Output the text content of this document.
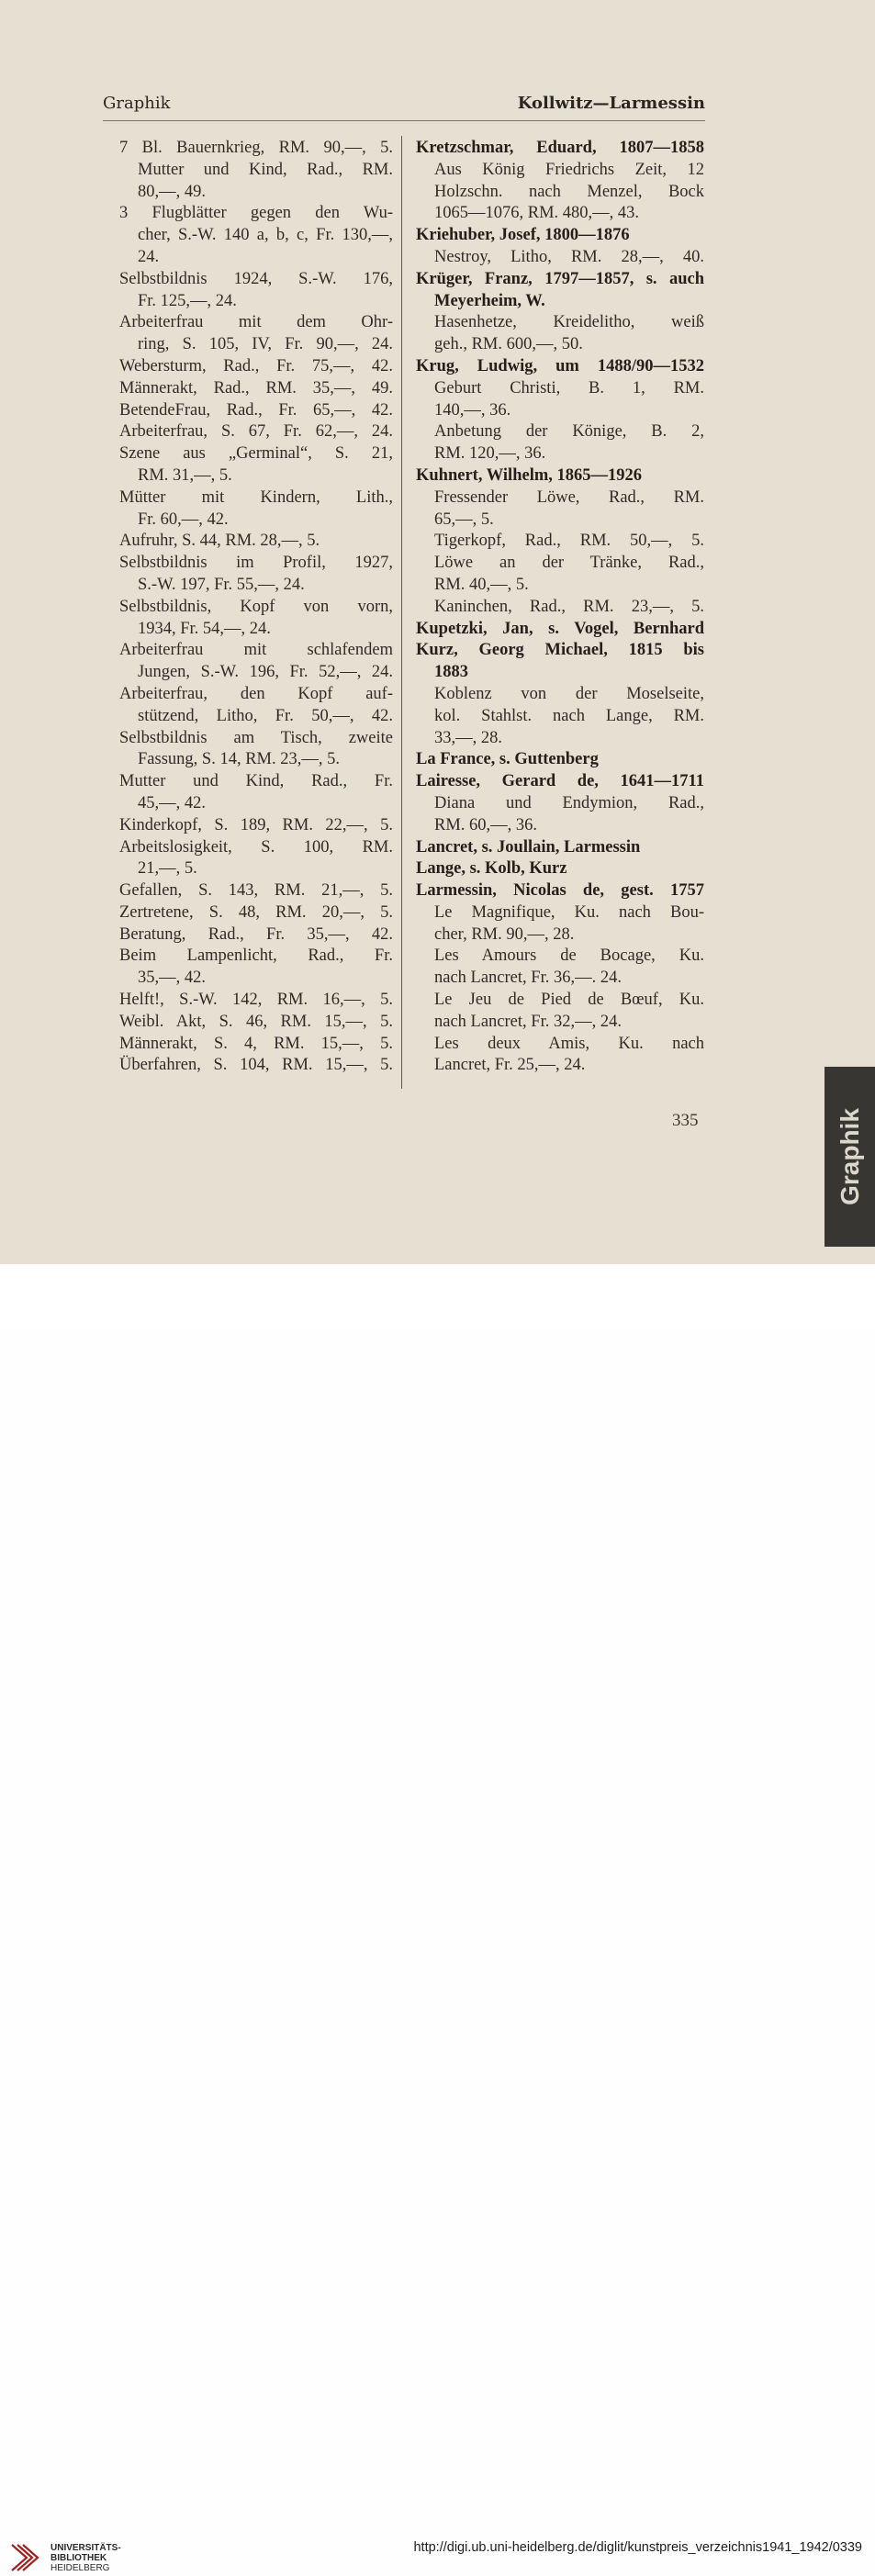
Graphik	Kollwitz—Larmessin
7 Bl. Bauernkrieg, RM. 90,—, 5.
Mutter und Kind, Rad., RM.
80,—, 49.
3 Flugblätter gegen den Wu-
cher, S.-W. 140 a, b, c, Fr. 130,—,
24.
Selbstbildnis 1924, S.-W. 176,
Fr. 125,—, 24.
Arbeiterfrau mit dem Ohr-
ring, S. 105, IV, Fr. 90,—, 24.
Webersturm, Rad., Fr. 75,—, 42.
Männerakt, Rad., RM. 35,—, 49.
BetendeFrau, Rad., Fr. 65,—, 42.
Arbeiterfrau, S. 67, Fr. 62,—, 24.
Szene aus „Germinal“, S. 21,
RM. 31,—, 5.
Mütter mit Kindern, Lith.,
Fr. 60,—, 42.
Aufruhr, S. 44, RM. 28,—, 5.
Selbstbildnis im Profil, 1927,
S.-W. 197, Fr. 55,—, 24.
Selbstbildnis, Kopf von vorn,
1934, Fr. 54,—, 24.
Arbeiterfrau mit schlafendem
Jungen, S.-W. 196, Fr. 52,—, 24.
Arbeiterfrau, den Kopf auf-
stützend, Litho, Fr. 50,—, 42.
Selbstbildnis am Tisch, zweite
Fassung, S. 14, RM. 23,—, 5.
Mutter und Kind, Rad., Fr.
45,—, 42.
Kinderkopf, S. 189, RM. 22,—, 5.
Arbeitslosigkeit, S. 100, RM.
21,—, 5.
Gefallen, S. 143, RM. 21,—, 5.
Zertretene, S. 48, RM. 20,—, 5.
Beratung, Rad., Fr. 35,—, 42.
Beim Lampenlicht, Rad., Fr.
35,—, 42.
Helft!, S.-W. 142, RM. 16,—, 5.
Weibl. Akt, S. 46, RM. 15,—, 5.
Männerakt, S. 4, RM. 15,—, 5.
Überfahren, S. 104, RM. 15,—, 5.
Kretzschmar, Eduard, 1807—1858
Aus König Friedrichs Zeit, 12
Holzschn. nach Menzel, Bock
1065—1076, RM. 480,—, 43.
Kriehuber, Josef, 1800—1876
Nestroy, Litho, RM. 28,—, 40.
Krüger, Franz, 1797—1857, s. auch
Meyerheim, W.
Hasenhetze, Kreidelitho, weiß
geh., RM. 600,—, 50.
Krug, Ludwig, um 1488/90—1532
Geburt Christi, B. 1, RM.
140,—, 36.
Anbetung der Könige, B. 2,
RM. 120,—, 36.
Kuhnert, Wilhelm, 1865—1926
Fressender Löwe, Rad., RM.
65,—, 5.
Tigerkopf, Rad., RM. 50,—, 5.
Löwe an der Tränke, Rad.,
RM. 40,—, 5.
Kaninchen, Rad., RM. 23,—, 5.
Kupetzki, Jan, s. Vogel, Bernhard
Kurz, Georg Michael, 1815 bis
1883
Koblenz von der Moselseite,
kol. Stahlst. nach Lange, RM.
33,—, 28.
La France, s. Guttenberg
Lairesse, Gerard de, 1641—1711
Diana und Endymion, Rad.,
RM. 60,—, 36.
Lancret, s. Joullain, Larmessin
Lange, s. Kolb, Kurz
Larmessin, Nicolas de, gest. 1757
Le Magnifique, Ku. nach Bou-
cher, RM. 90,—, 28.
Les Amours de Bocage, Ku.
nach Lancret, Fr. 36,—. 24.
Le Jeu de Pied de Bœuf, Ku.
nach Lancret, Fr. 32,—, 24.
Les deux Amis, Ku. nach
Lancret, Fr. 25,—, 24.
335	Graphik
UNIVERSITÄTS-
BIBLIOTHEK
HEIDELBERG
http://digi.ub.uni-heidelberg.de/diglit/kunstpreis_verzeichnis1941_1942/0339
